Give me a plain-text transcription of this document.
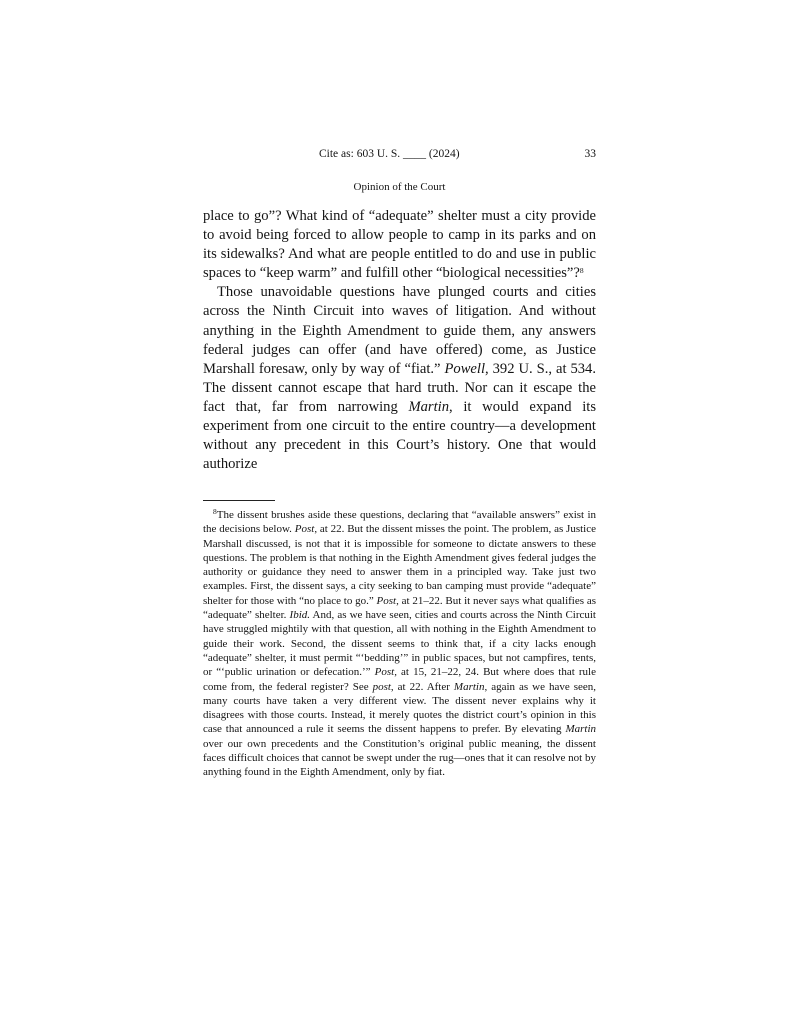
Cite as: 603 U. S. ____ (2024)	33
Opinion of the Court

place to go”? What kind of “adequate” shelter must a city provide to avoid being forced to allow people to camp in its parks and on its sidewalks? And what are people entitled to do and use in public spaces to “keep warm” and fulfill other “biological necessities”?$^8$

Those unavoidable questions have plunged courts and cities across the Ninth Circuit into waves of litigation. And without anything in the Eighth Amendment to guide them, any answers federal judges can offer (and have offered) come, as Justice Marshall foresaw, only by way of “fiat.” Powell, 392 U. S., at 534. The dissent cannot escape that hard truth. Nor can it escape the fact that, far from narrowing Martin, it would expand its experiment from one circuit to the entire country—a development without any precedent in this Court’s history. One that would authorize

$^8$The dissent brushes aside these questions, declaring that “available answers” exist in the decisions below. Post, at 22. But the dissent misses the point. The problem, as Justice Marshall discussed, is not that it is impossible for someone to dictate answers to these questions. The problem is that nothing in the Eighth Amendment gives federal judges the authority or guidance they need to answer them in a principled way. Take just two examples. First, the dissent says, a city seeking to ban camping must provide “adequate” shelter for those with “no place to go.” Post, at 21–22. But it never says what qualifies as “adequate” shelter. Ibid. And, as we have seen, cities and courts across the Ninth Circuit have struggled mightily with that question, all with nothing in the Eighth Amendment to guide their work. Second, the dissent seems to think that, if a city lacks enough “adequate” shelter, it must permit “‘bedding’” in public spaces, but not campfires, tents, or “‘public urination or defecation.’” Post, at 15, 21–22, 24. But where does that rule come from, the federal register? See post, at 22. After Martin, again as we have seen, many courts have taken a very different view. The dissent never explains why it disagrees with those courts. Instead, it merely quotes the district court’s opinion in this case that announced a rule it seems the dissent happens to prefer. By elevating Martin over our own precedents and the Constitution’s original public meaning, the dissent faces difficult choices that cannot be swept under the rug—ones that it can resolve not by anything found in the Eighth Amendment, only by fiat.
